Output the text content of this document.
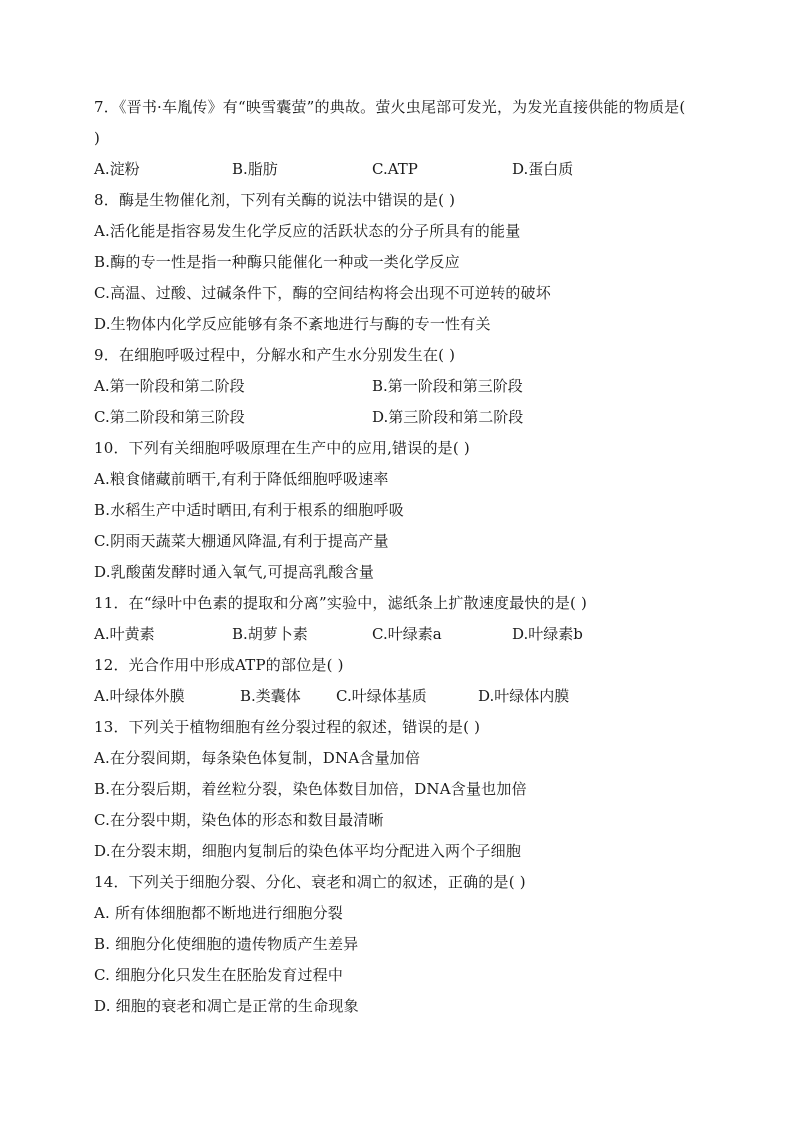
7．《晋书·车胤传》有“映雪囊萤”的典故。萤火虫尾部可发光，为发光直接供能的物质是( )
A.淀粉	B.脂肪	C.ATP	D.蛋白质
8．酶是生物催化剂，下列有关酶的说法中错误的是( )
A.活化能是指容易发生化学反应的活跃状态的分子所具有的能量
B.酶的专一性是指一种酶只能催化一种或一类化学反应
C.高温、过酸、过碱条件下，酶的空间结构将会出现不可逆转的破坏
D.生物体内化学反应能够有条不紊地进行与酶的专一性有关
9．在细胞呼吸过程中，分解水和产生水分别发生在( )
A.第一阶段和第二阶段	B.第一阶段和第三阶段
C.第二阶段和第三阶段	D.第三阶段和第二阶段
10．下列有关细胞呼吸原理在生产中的应用,错误的是( )
A.粮食储藏前晒干,有利于降低细胞呼吸速率
B.水稻生产中适时晒田,有利于根系的细胞呼吸
C.阴雨天蔬菜大棚通风降温,有利于提高产量
D.乳酸菌发酵时通入氧气,可提高乳酸含量
11．在“绿叶中色素的提取和分离”实验中，滤纸条上扩散速度最快的是( )
A.叶黄素	B.胡萝卜素	C.叶绿素a	D.叶绿素b
12．光合作用中形成ATP的部位是( )
A.叶绿体外膜	B.类囊体 C.叶绿体基质	D.叶绿体内膜
13．下列关于植物细胞有丝分裂过程的叙述，错误的是( )
A.在分裂间期，每条染色体复制，DNA含量加倍
B.在分裂后期，着丝粒分裂，染色体数目加倍，DNA含量也加倍
C.在分裂中期，染色体的形态和数目最清晰
D.在分裂末期，细胞内复制后的染色体平均分配进入两个子细胞
14．下列关于细胞分裂、分化、衰老和凋亡的叙述，正确的是( )
A. 所有体细胞都不断地进行细胞分裂
B. 细胞分化使细胞的遗传物质产生差异
C. 细胞分化只发生在胚胎发育过程中
D. 细胞的衰老和凋亡是正常的生命现象
